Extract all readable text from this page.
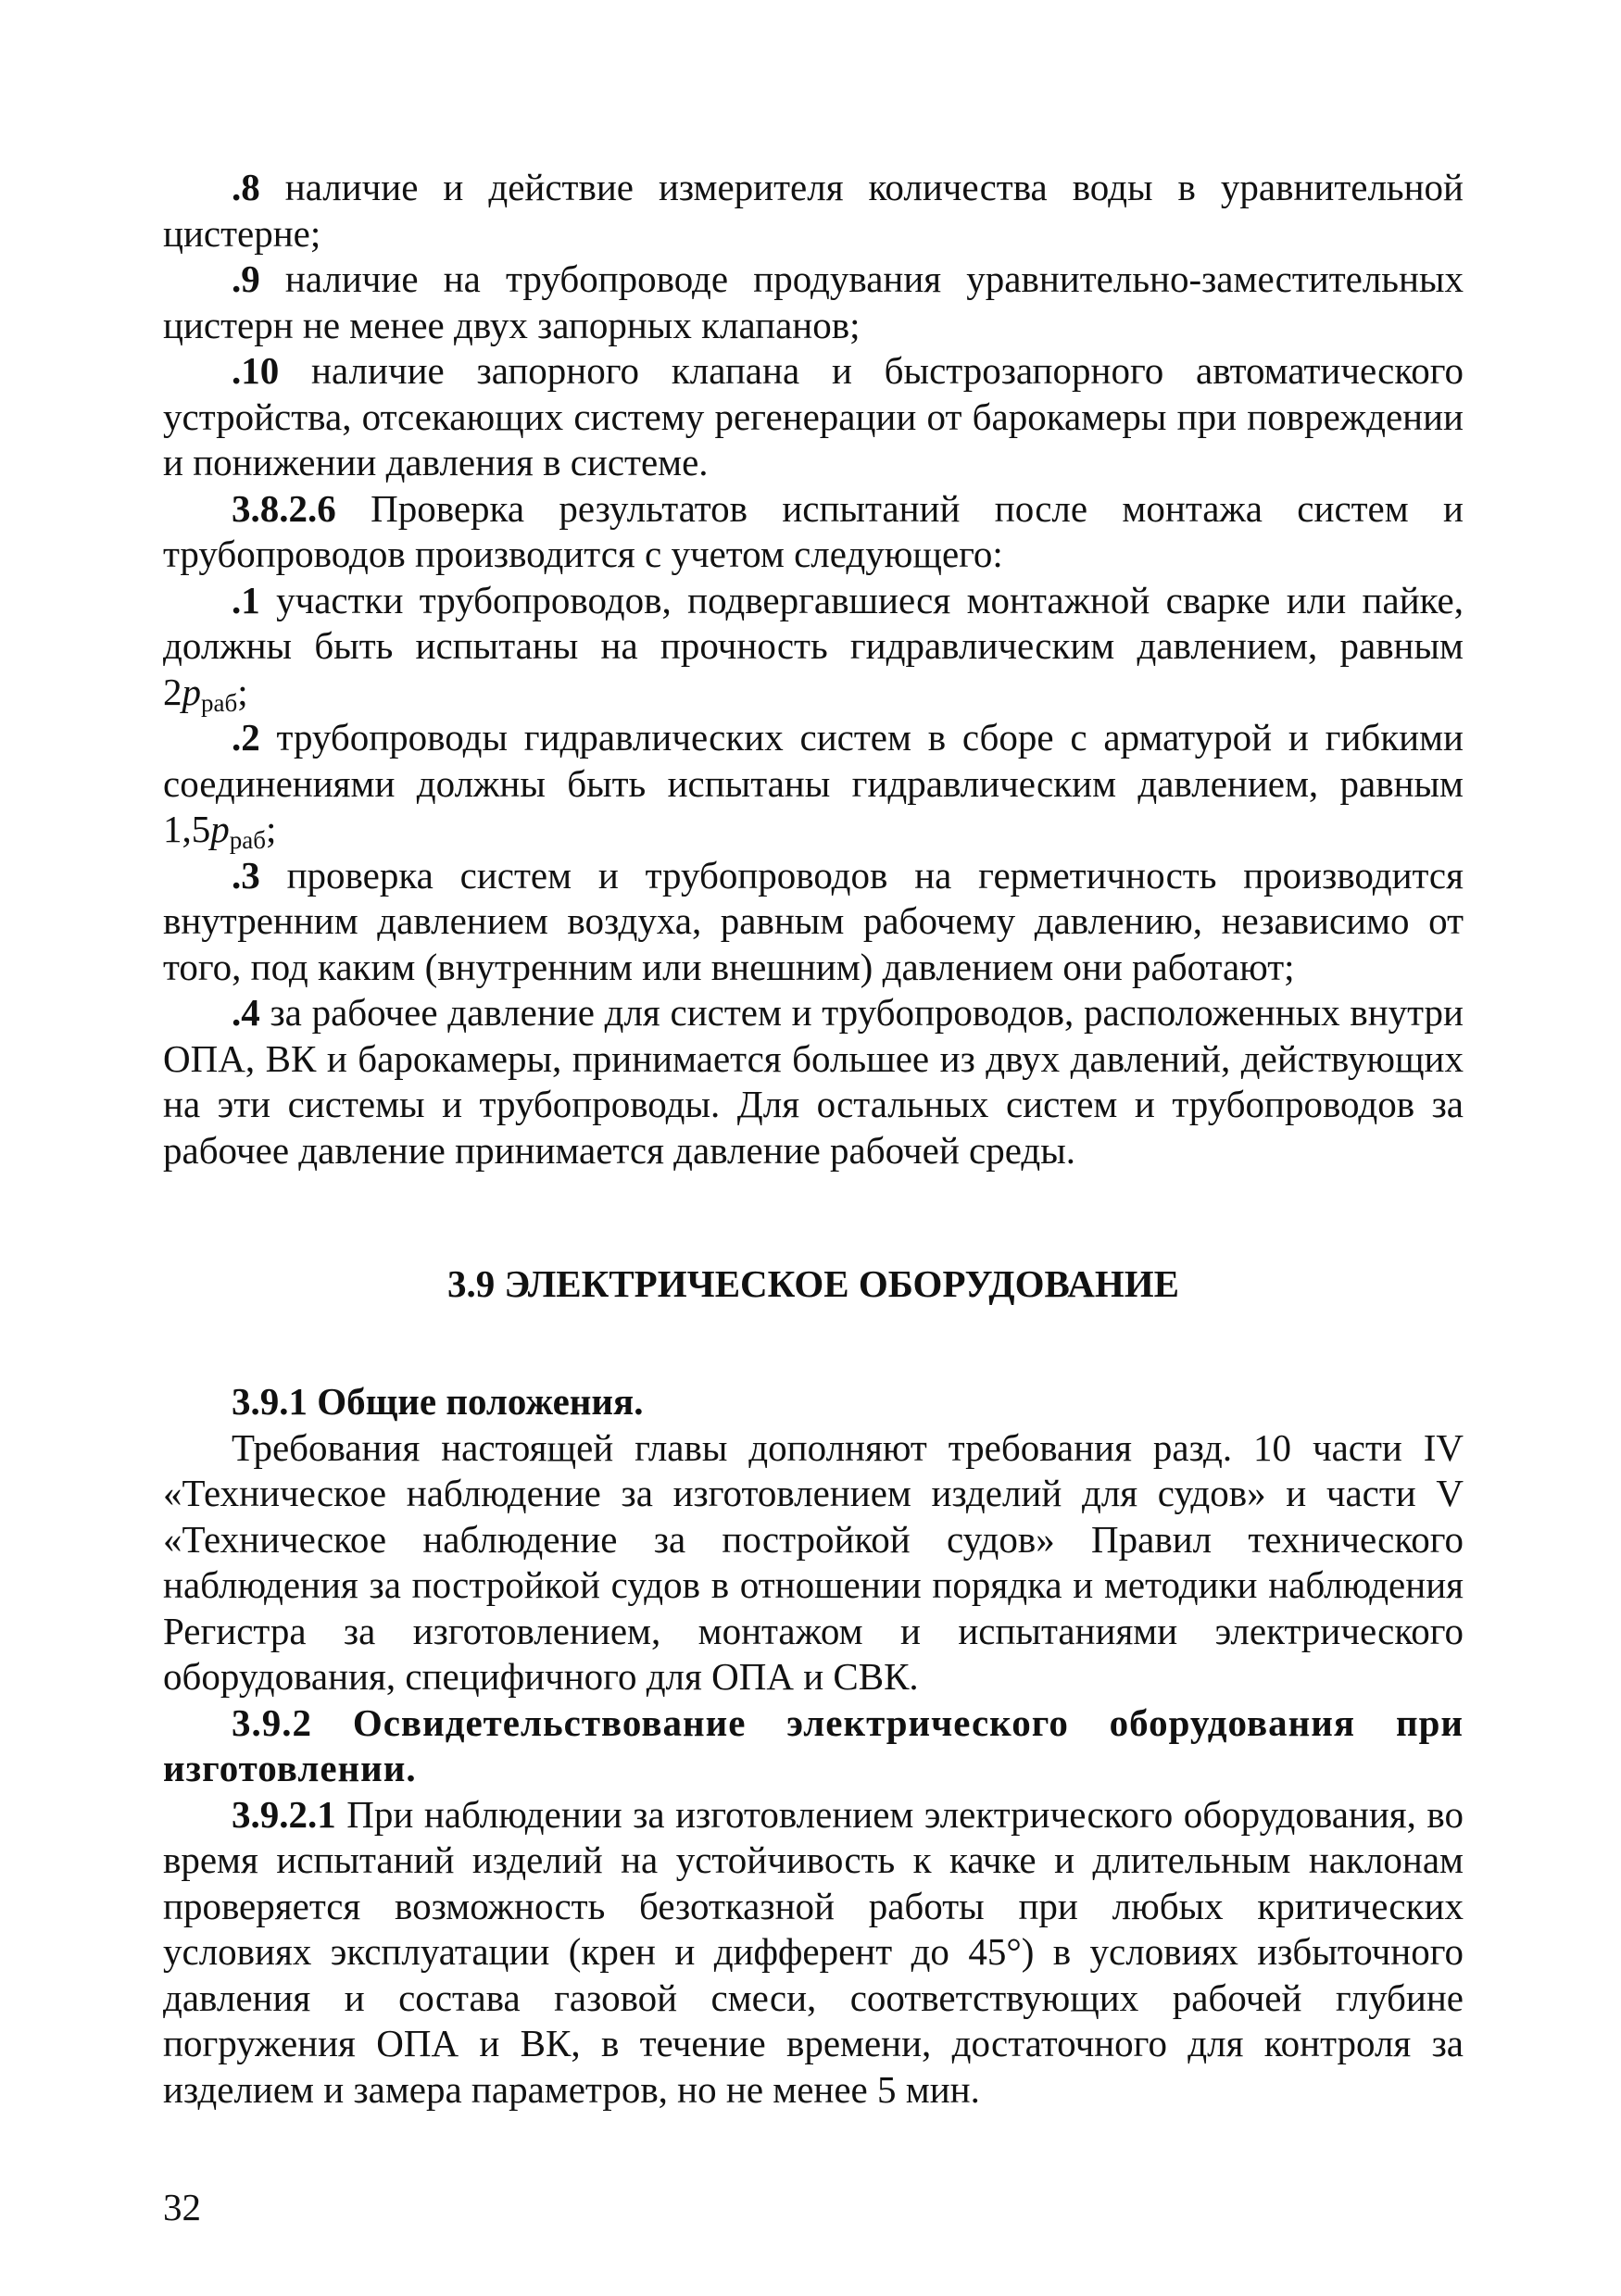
.8 наличие и действие измерителя количества воды в уравнительной цистерне;

.9 наличие на трубопроводе продувания уравнительно-заместительных цистерн не менее двух запорных клапанов;

.10 наличие запорного клапана и быстрозапорного автоматического устройства, отсекающих систему регенерации от барокамеры при повреждении и понижении давления в системе.

3.8.2.6 Проверка результатов испытаний после монтажа систем и трубопроводов производится с учетом следующего:

.1 участки трубопроводов, подвергавшиеся монтажной сварке или пайке, должны быть испытаны на прочность гидравлическим давлением, равным $2p_{раб}$;

.2 трубопроводы гидравлических систем в сборе с арматурой и гибкими соединениями должны быть испытаны гидравлическим давлением, равным $1,5p_{раб}$;

.3 проверка систем и трубопроводов на герметичность производится внутренним давлением воздуха, равным рабочему давлению, независимо от того, под каким (внутренним или внешним) давлением они работают;

.4 за рабочее давление для систем и трубопроводов, расположенных внутри ОПА, ВК и барокамеры, принимается большее из двух давлений, действующих на эти системы и трубопроводы. Для остальных систем и трубопроводов за рабочее давление принимается давление рабочей среды.

3.9 ЭЛЕКТРИЧЕСКОЕ ОБОРУДОВАНИЕ

3.9.1 Общие положения.

Требования настоящей главы дополняют требования разд. 10 части IV «Техническое наблюдение за изготовлением изделий для судов» и части V «Техническое наблюдение за постройкой судов» Правил технического наблюдения за постройкой судов в отношении порядка и методики наблюдения Регистра за изготовлением, монтажом и испытаниями электрического оборудования, специфичного для ОПА и СВК.

3.9.2 Освидетельствование электрического оборудования при изготовлении.

3.9.2.1 При наблюдении за изготовлением электрического оборудования, во время испытаний изделий на устойчивость к качке и длительным наклонам проверяется возможность безотказной работы при любых критических условиях эксплуатации (крен и дифферент до 45°) в условиях избыточного давления и состава газовой смеси, соответствующих рабочей глубине погружения ОПА и ВК, в течение времени, достаточного для контроля за изделием и замера параметров, но не менее 5 мин.

32
